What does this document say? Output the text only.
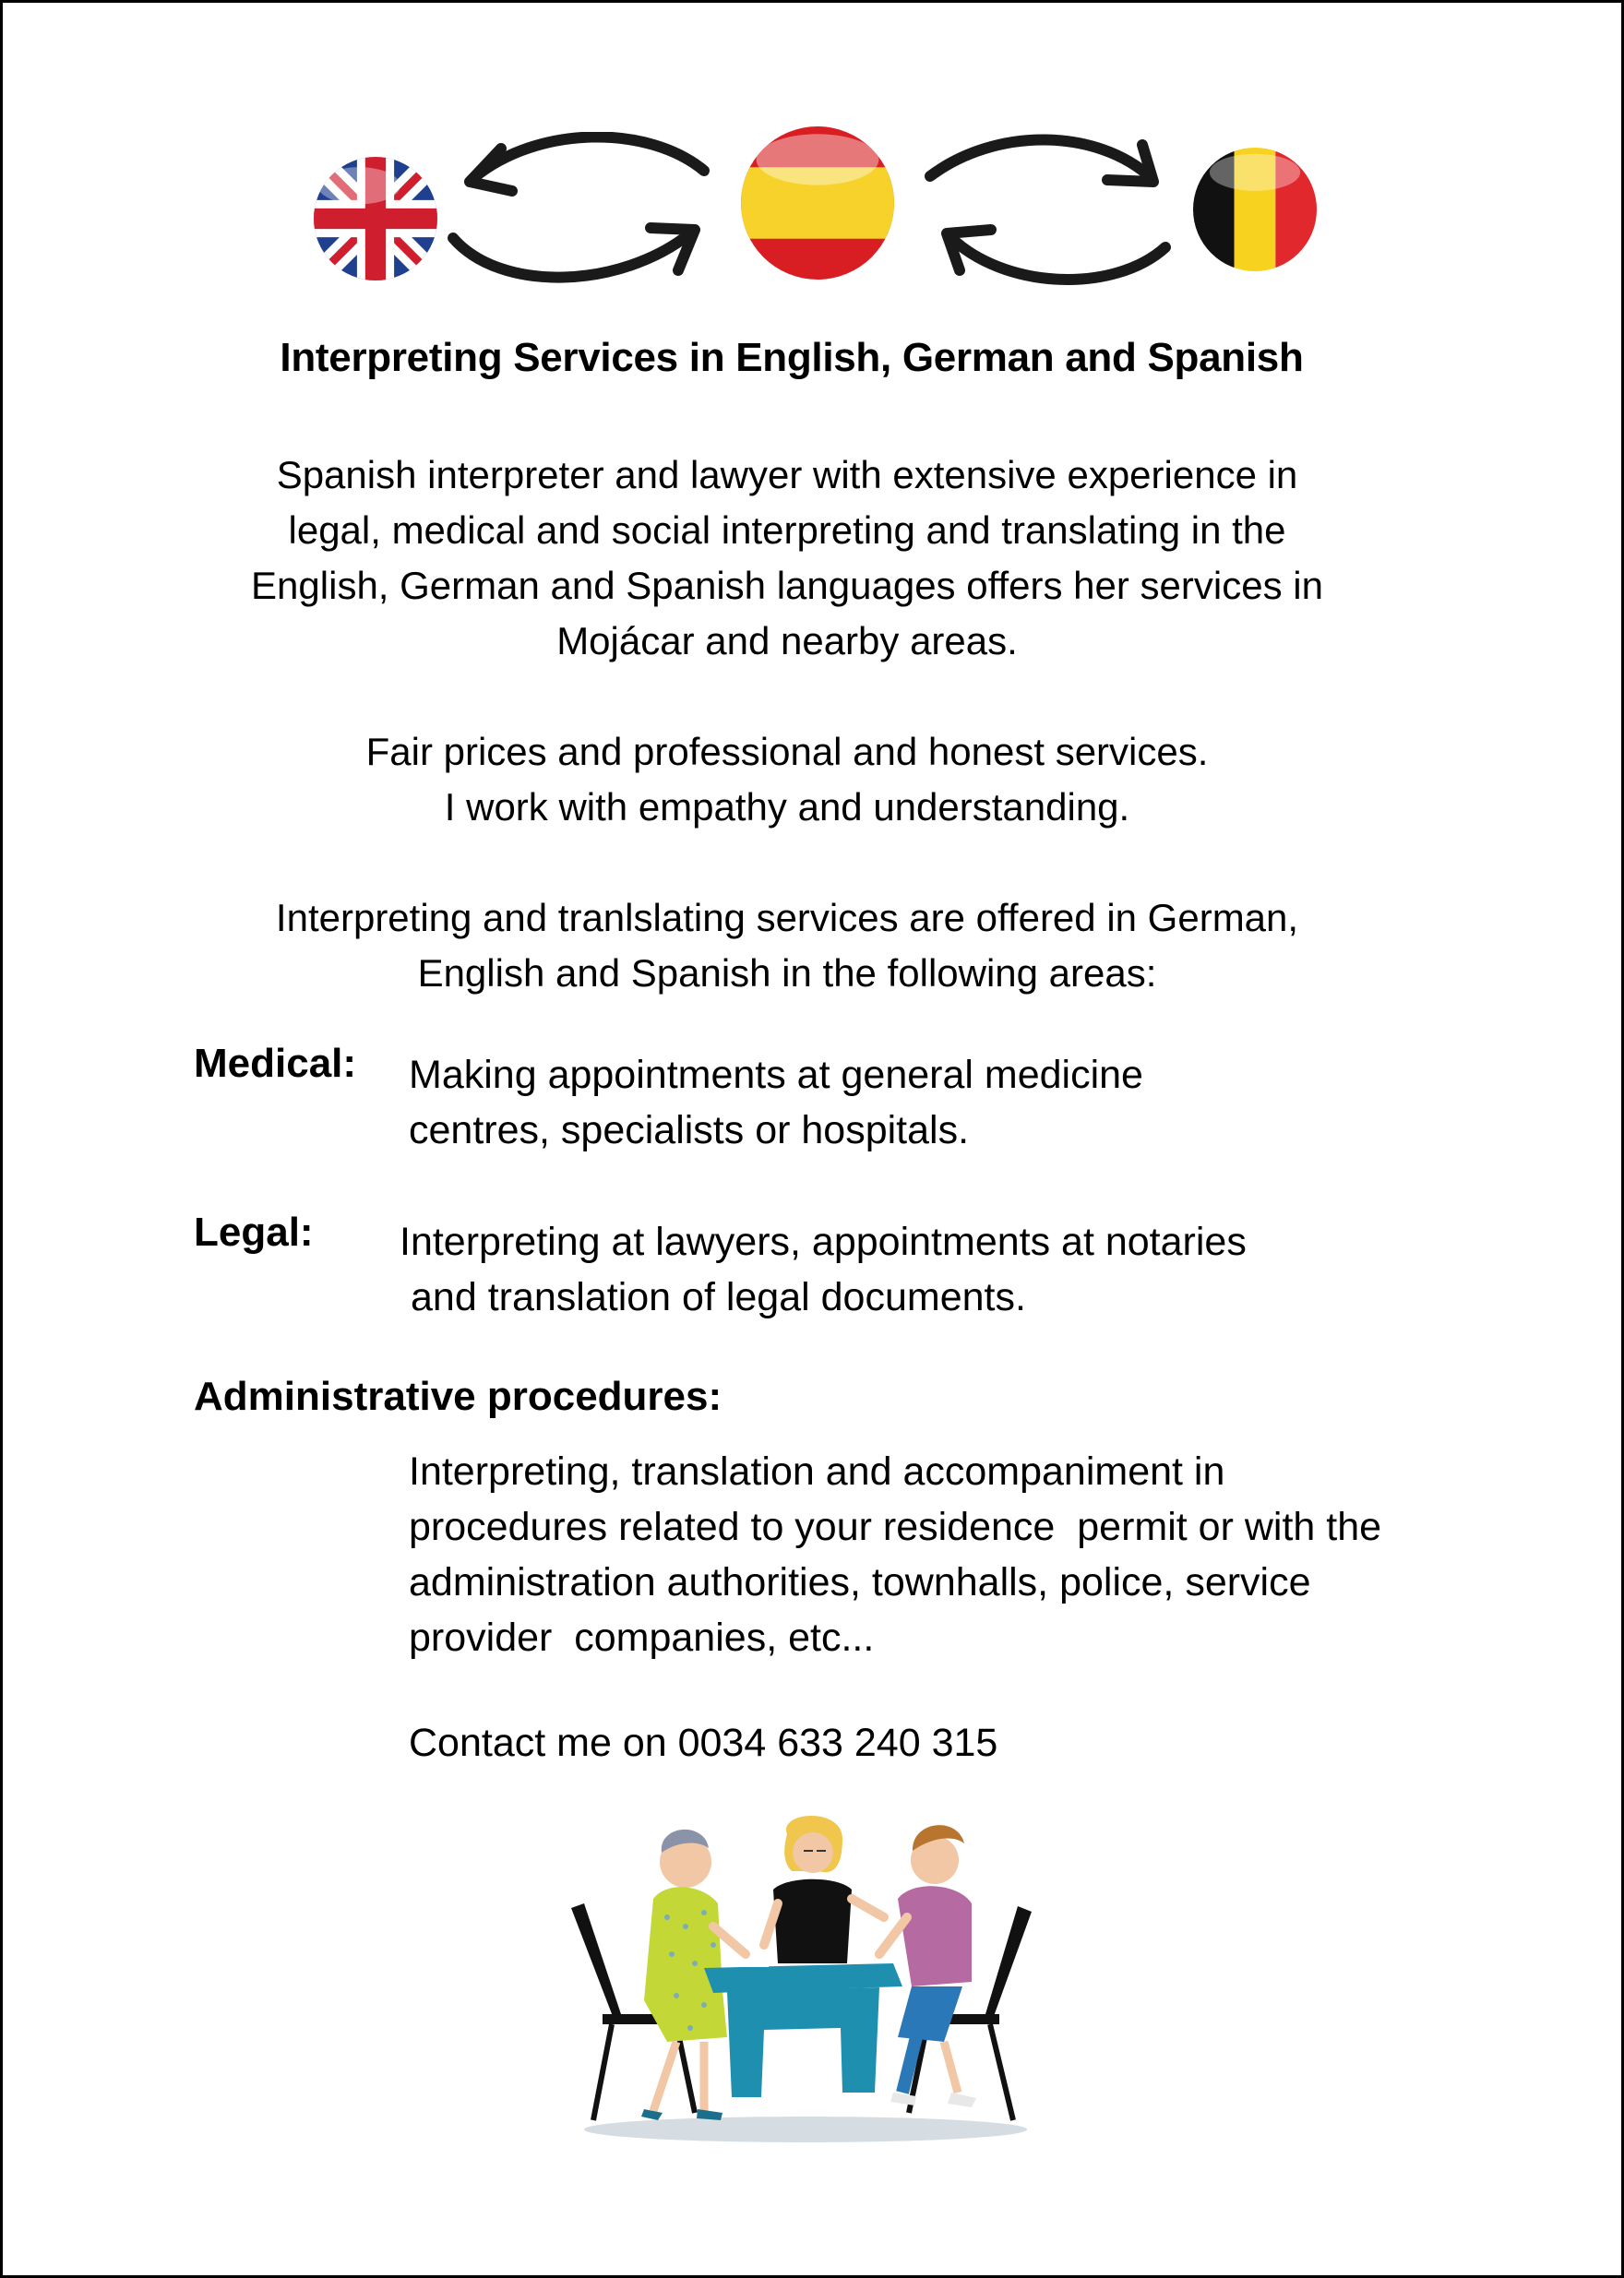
Interpreting Services in English, German and Spanish
Spanish interpreter and lawyer with extensive experience in
legal, medical and social interpreting and translating in the
English, German and Spanish languages offers her services in
Mojácar and nearby areas.
Fair prices and professional and honest services.
I work with empathy and understanding.
Interpreting and tranlslating services are offered in German,
English and Spanish in the following areas:
Medical: Making appointments at general medicine
centres, specialists or hospitals.
Legal: Interpreting at lawyers, appointments at notaries
and translation of legal documents.
Administrative procedures:
Interpreting, translation and accompaniment in
procedures related to your residence  permit or with the
administration authorities, townhalls, police, service
provider  companies, etc...
Contact me on 0034 633 240 315
